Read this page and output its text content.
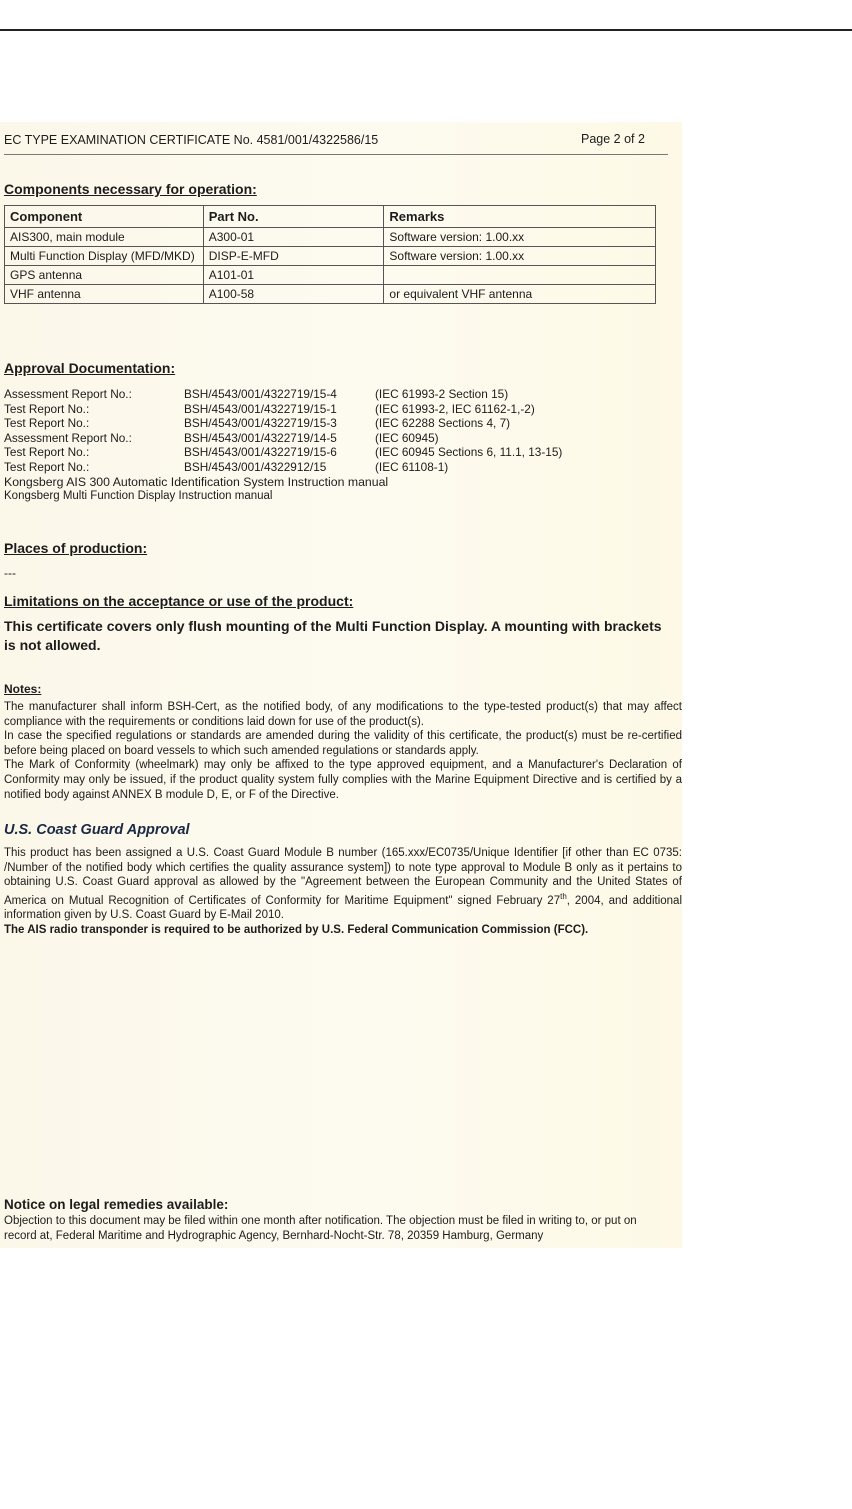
EC TYPE EXAMINATION CERTIFICATE No. 4581/001/4322586/15	Page 2 of 2
Components necessary for operation:
Component	Part No.	Remarks
AIS300, main module	A300-01	Software version: 1.00.xx
Multi Function Display (MFD/MKD)	DISP-E-MFD	Software version: 1.00.xx
GPS antenna	A101-01	
VHF antenna	A100-58	or equivalent VHF antenna
Approval Documentation:
Assessment Report No.:	BSH/4543/001/4322719/15-4	(IEC 61993-2 Section 15)
Test Report No.:	BSH/4543/001/4322719/15-1	(IEC 61993-2, IEC 61162-1,-2)
Test Report No.:	BSH/4543/001/4322719/15-3	(IEC 62288 Sections 4, 7)
Assessment Report No.:	BSH/4543/001/4322719/14-5	(IEC 60945)
Test Report No.:	BSH/4543/001/4322719/15-6	(IEC 60945 Sections 6, 11.1, 13-15)
Test Report No.:	BSH/4543/001/4322912/15	(IEC 61108-1)
Kongsberg AIS 300 Automatic Identification System Instruction manual
Kongsberg Multi Function Display Instruction manual
Places of production:
---
Limitations on the acceptance or use of the product:
This certificate covers only flush mounting of the Multi Function Display. A mounting with brackets is not allowed.
Notes:
The manufacturer shall inform BSH-Cert, as the notified body, of any modifications to the type-tested product(s) that may affect compliance with the requirements or conditions laid down for use of the product(s).
In case the specified regulations or standards are amended during the validity of this certificate, the product(s) must be re-certified before being placed on board vessels to which such amended regulations or standards apply.
The Mark of Conformity (wheelmark) may only be affixed to the type approved equipment, and a Manufacturer's Declaration of Conformity may only be issued, if the product quality system fully complies with the Marine Equipment Directive and is certified by a notified body against ANNEX B module D, E, or F of the Directive.
U.S. Coast Guard Approval
This product has been assigned a U.S. Coast Guard Module B number (165.xxx/EC0735/Unique Identifier [if other than EC 0735: /Number of the notified body which certifies the quality assurance system]) to note type approval to Module B only as it pertains to obtaining U.S. Coast Guard approval as allowed by the "Agreement between the European Community and the United States of America on Mutual Recognition of Certificates of Conformity for Maritime Equipment" signed February 27th, 2004, and additional information given by U.S. Coast Guard by E-Mail 2010.
The AIS radio transponder is required to be authorized by U.S. Federal Communication Commission (FCC).
Notice on legal remedies available:
Objection to this document may be filed within one month after notification. The objection must be filed in writing to, or put on record at, Federal Maritime and Hydrographic Agency, Bernhard-Nocht-Str. 78, 20359 Hamburg, Germany
